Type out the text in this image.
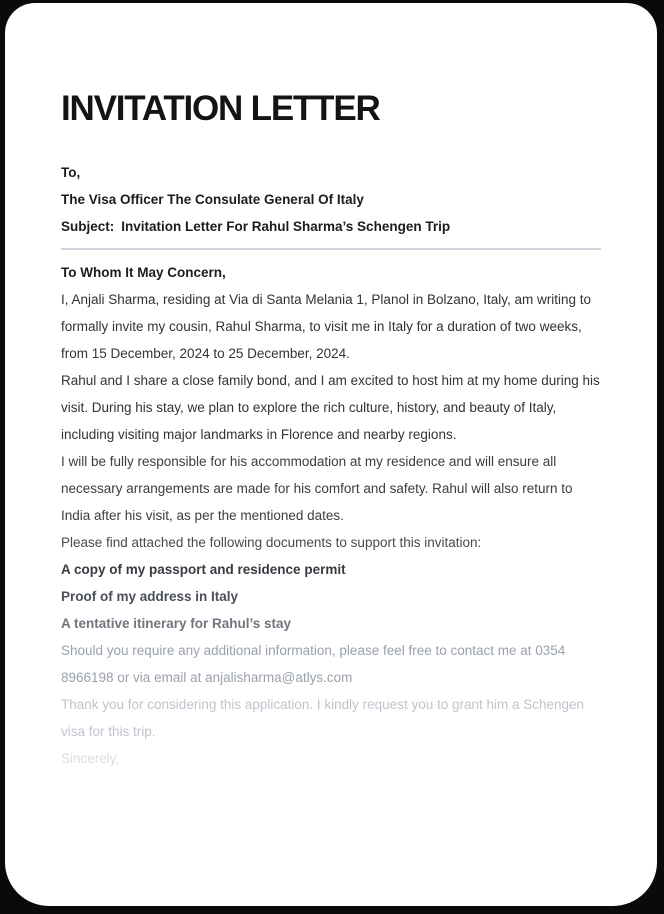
INVITATION LETTER

To,

The Visa Officer The Consulate General Of Italy

Subject: Invitation Letter For Rahul Sharma’s Schengen Trip

To Whom It May Concern,

I, Anjali Sharma, residing at Via di Santa Melania 1, Planol in Bolzano, Italy, am writing to formally invite my cousin, Rahul Sharma, to visit me in Italy for a duration of two weeks, from 15 December, 2024 to 25 December, 2024.

Rahul and I share a close family bond, and I am excited to host him at my home during his visit. During his stay, we plan to explore the rich culture, history, and beauty of Italy, including visiting major landmarks in Florence and nearby regions.

I will be fully responsible for his accommodation at my residence and will ensure all necessary arrangements are made for his comfort and safety. Rahul will also return to India after his visit, as per the mentioned dates.

Please find attached the following documents to support this invitation:

A copy of my passport and residence permit

Proof of my address in Italy

A tentative itinerary for Rahul’s stay

Should you require any additional information, please feel free to contact me at 0354 8966198 or via email at anjalisharma@atlys.com

Thank you for considering this application. I kindly request you to grant him a Schengen visa for this trip.

Sincerely,
